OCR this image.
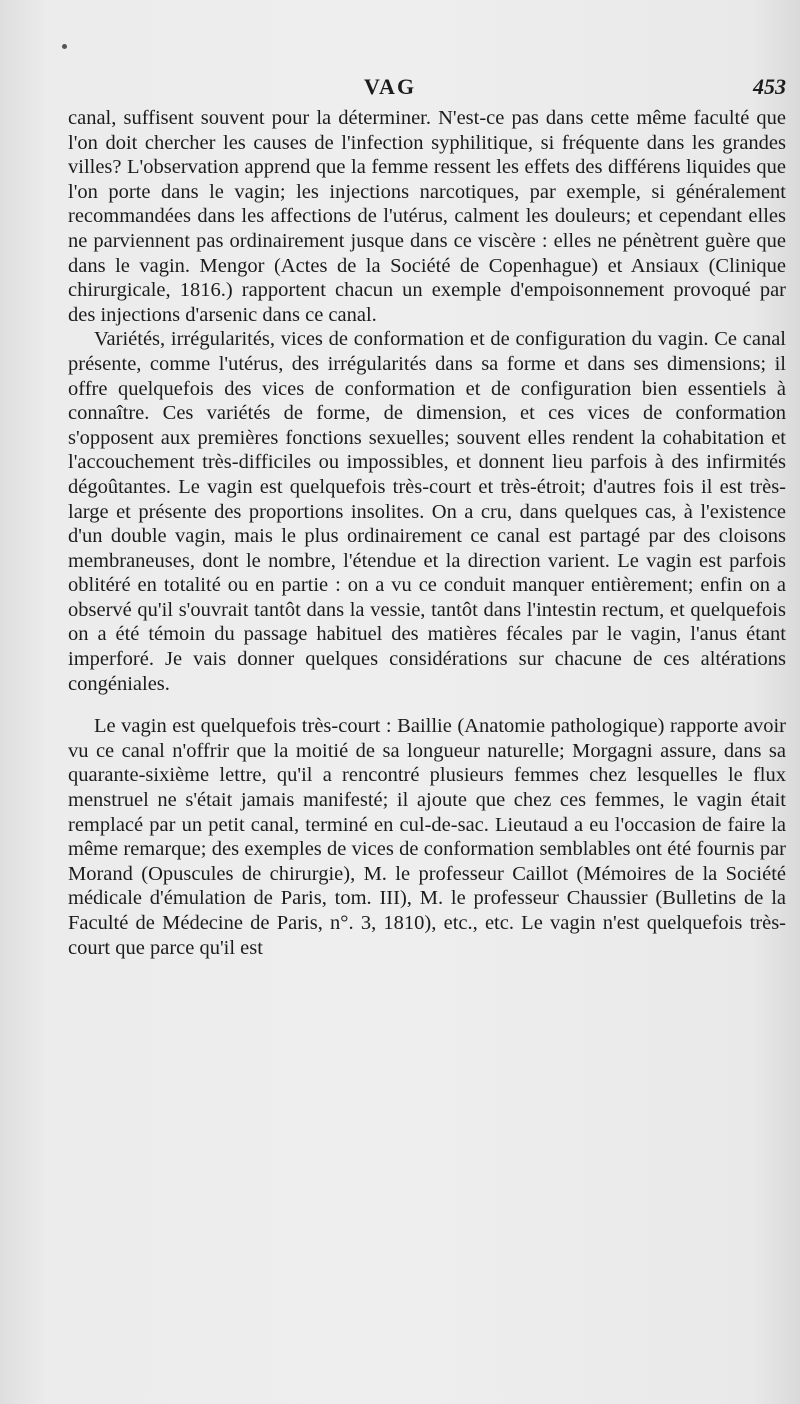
VAG	453

canal, suffisent souvent pour la déterminer. N'est-ce pas dans cette même faculté que l'on doit chercher les causes de l'infection syphilitique, si fréquente dans les grandes villes? L'observation apprend que la femme ressent les effets des différens liquides que l'on porte dans le vagin; les injections narcotiques, par exemple, si généralement recommandées dans les affections de l'utérus, calment les douleurs; et cependant elles ne parviennent pas ordinairement jusque dans ce viscère : elles ne pénètrent guère que dans le vagin. Mengor (Actes de la Société de Copenhague) et Ansiaux (Clinique chirurgicale, 1816.) rapportent chacun un exemple d'empoisonnement provoqué par des injections d'arsenic dans ce canal.

Variétés, irrégularités, vices de conformation et de configuration du vagin. Ce canal présente, comme l'utérus, des irrégularités dans sa forme et dans ses dimensions; il offre quelquefois des vices de conformation et de configuration bien essentiels à connaître. Ces variétés de forme, de dimension, et ces vices de conformation s'opposent aux premières fonctions sexuelles; souvent elles rendent la cohabitation et l'accouchement très-difficiles ou impossibles, et donnent lieu parfois à des infirmités dégoûtantes. Le vagin est quelquefois très-court et très-étroit; d'autres fois il est très-large et présente des proportions insolites. On a cru, dans quelques cas, à l'existence d'un double vagin, mais le plus ordinairement ce canal est partagé par des cloisons membraneuses, dont le nombre, l'étendue et la direction varient. Le vagin est parfois oblitéré en totalité ou en partie : on a vu ce conduit manquer entièrement; enfin on a observé qu'il s'ouvrait tantôt dans la vessie, tantôt dans l'intestin rectum, et quelquefois on a été témoin du passage habituel des matières fécales par le vagin, l'anus étant imperforé. Je vais donner quelques considérations sur chacune de ces altérations congéniales.

Le vagin est quelquefois très-court : Baillie (Anatomie pathologique) rapporte avoir vu ce canal n'offrir que la moitié de sa longueur naturelle; Morgagni assure, dans sa quarante-sixième lettre, qu'il a rencontré plusieurs femmes chez lesquelles le flux menstruel ne s'était jamais manifesté; il ajoute que chez ces femmes, le vagin était remplacé par un petit canal, terminé en cul-de-sac. Lieutaud a eu l'occasion de faire la même remarque; des exemples de vices de conformation semblables ont été fournis par Morand (Opuscules de chirurgie), M. le professeur Caillot (Mémoires de la Société médicale d'émulation de Paris, tom. III), M. le professeur Chaussier (Bulletins de la Faculté de Médecine de Paris, n°. 3, 1810), etc., etc. Le vagin n'est quelquefois très-court que parce qu'il est
